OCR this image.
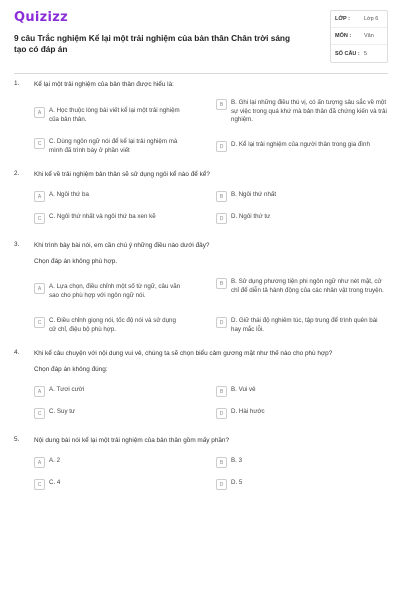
Quizizz
9 câu Trắc nghiệm Kể lại một trải nghiệm của bản thân Chân trời sáng tạo có đáp án
LỚP :	Lớp 6
MÔN : Văn
SỐ CÂU : 5
1. Kể lại một trải nghiệm của bản thân được hiểu là:
A	A. Học thuộc lòng bài viết kể lại một trải nghiệm của bản thân.
B	B. Ghi lại những điều thú vị, có ấn tượng sâu sắc về một sự việc trong quá khứ mà bản thân đã chứng kiến và trải nghiệm.
C	C. Dùng ngôn ngữ nói để kể lại trải nghiệm mà mình đã trình bày ở phần viết	D	D. Kể lại trải nghiệm của người thân trong gia đình
2. Khi kể về trải nghiệm bản thân sẽ sử dụng ngôi kể nào để kể?
A	A. Ngôi thứ ba	B	B. Ngôi thứ nhất
C	C. Ngôi thứ nhất và ngôi thứ ba xen kẽ	D	D. Ngôi thứ tư
3. Khi trình bày bài nói, em cần chú ý những điều nào dưới đây?
Chọn đáp án không phù hợp.
A	A. Lựa chọn, điều chỉnh một số từ ngữ, câu văn sao cho phù hợp với ngôn ngữ nói.
B	B. Sử dụng phương tiện phi ngôn ngữ như nét mặt, cử chỉ để diễn tả hành động của các nhân vật trong truyện.
C	C. Điều chỉnh giọng nói, tốc độ nói và sử dụng cử chỉ, điệu bộ phù hợp.
D	D. Giữ thái độ nghiêm túc, tập trung để trình quên bài hay mắc lỗi.
4. Khi kể câu chuyện với nội dung vui vẻ, chúng ta sẽ chọn biểu cảm gương mặt như thế nào cho phù hợp?
Chọn đáp án không đúng:
A	A. Tươi cười	B	B. Vui vẻ
C	C. Suy tư	D	D. Hài hước
5. Nội dung bài nói kể lại một trải nghiệm của bản thân gồm mấy phần?
A	A. 2	B	B. 3
C	C. 4	D	D. 5
